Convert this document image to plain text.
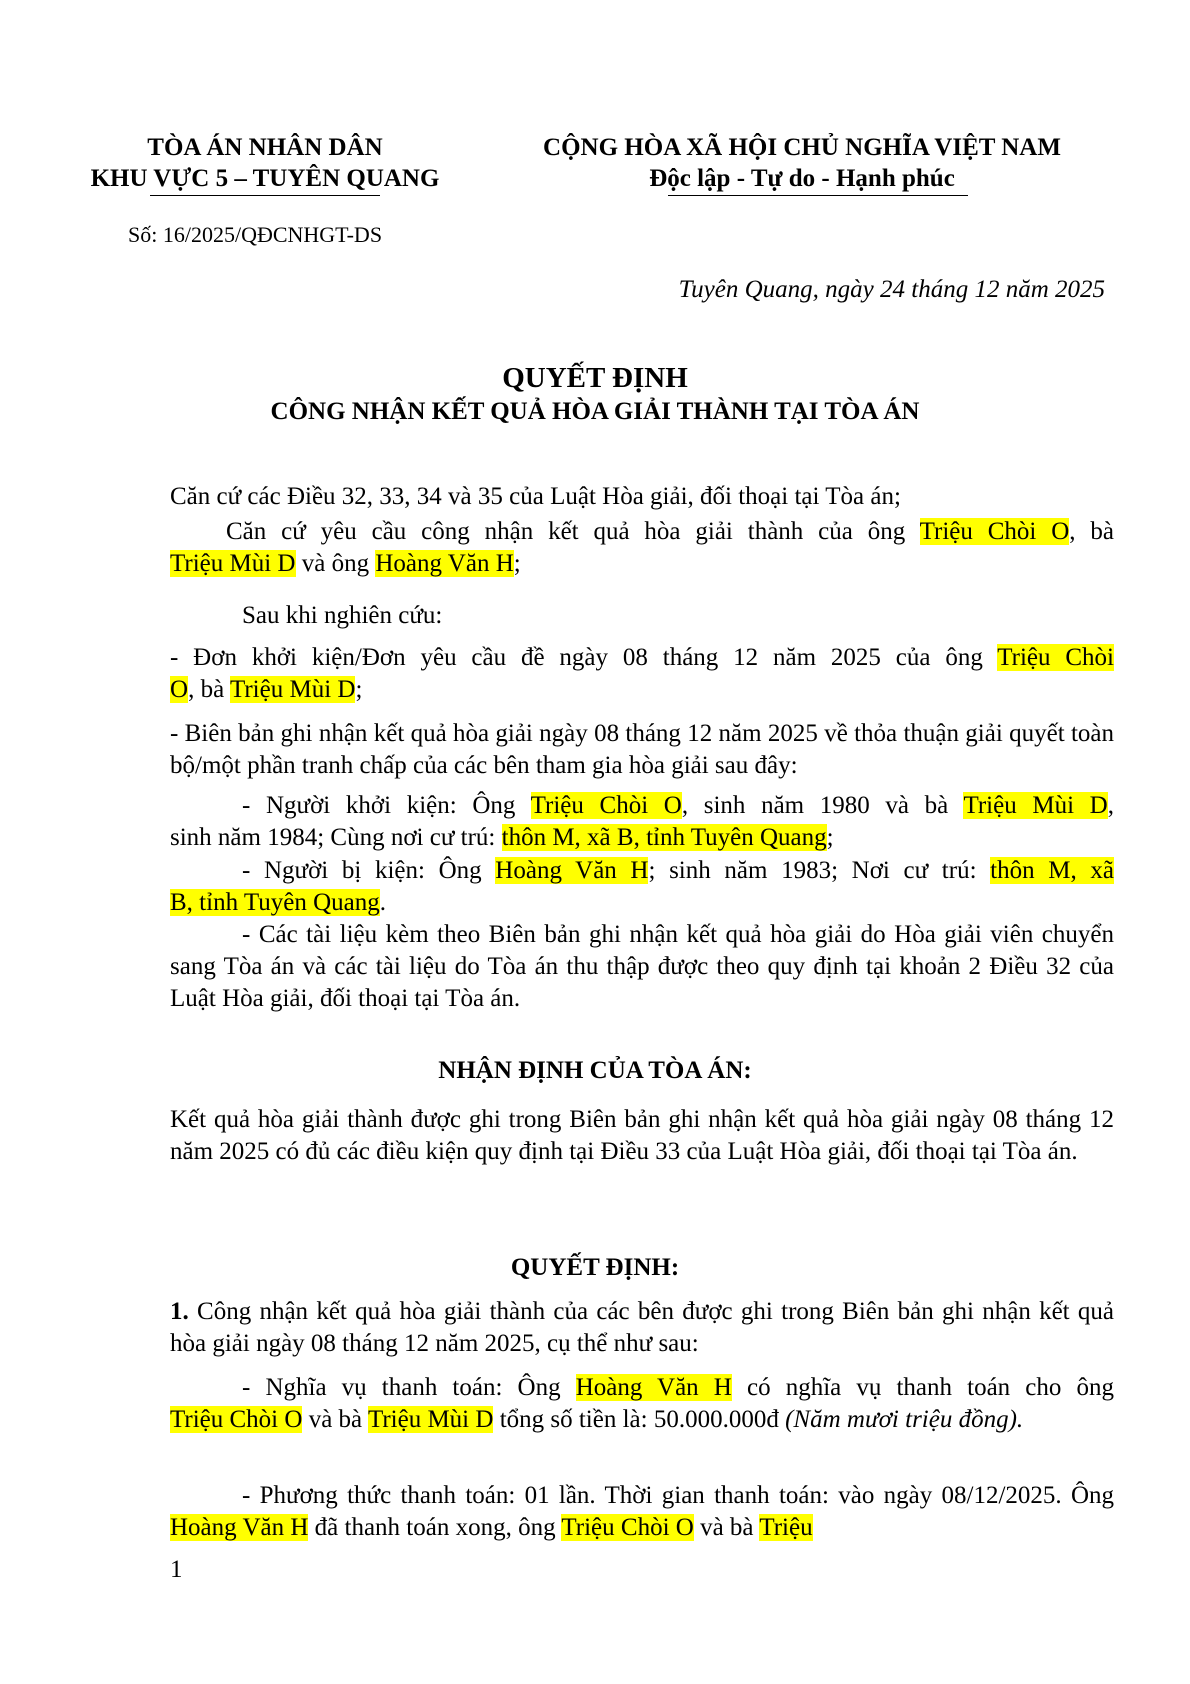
TÒA ÁN NHÂN DÂN
KHU VỰC 5 – TUYÊN QUANG
CỘNG HÒA XÃ HỘI CHỦ NGHĨA VIỆT NAM
Độc lập - Tự do - Hạnh phúc
Số: 16/2025/QĐCNHGT-DS
Tuyên Quang, ngày 24 tháng 12 năm 2025
QUYẾT ĐỊNH
CÔNG NHẬN KẾT QUẢ HÒA GIẢI THÀNH TẠI TÒA ÁN
Căn cứ các Điều 32, 33, 34 và 35 của Luật Hòa giải, đối thoại tại Tòa án;
Căn cứ yêu cầu công nhận kết quả hòa giải thành của ông Triệu Chòi O, bà
Triệu Mùi D và ông Hoàng Văn H;
Sau khi nghiên cứu:
- Đơn khởi kiện/Đơn yêu cầu đề ngày 08 tháng 12 năm 2025 của ông Triệu Chòi
O, bà Triệu Mùi D;
- Biên bản ghi nhận kết quả hòa giải ngày 08 tháng 12 năm 2025 về thỏa thuận giải quyết toàn bộ/một phần tranh chấp của các bên tham gia hòa giải sau đây:
- Người khởi kiện: Ông Triệu Chòi O, sinh năm 1980 và bà Triệu Mùi D,
sinh năm 1984; Cùng nơi cư trú: thôn M, xã B, tỉnh Tuyên Quang;
- Người bị kiện: Ông Hoàng Văn H; sinh năm 1983; Nơi cư trú: thôn M, xã
B, tỉnh Tuyên Quang.
- Các tài liệu kèm theo Biên bản ghi nhận kết quả hòa giải do Hòa giải viên chuyển sang Tòa án và các tài liệu do Tòa án thu thập được theo quy định tại khoản 2 Điều 32 của Luật Hòa giải, đối thoại tại Tòa án.
NHẬN ĐỊNH CỦA TÒA ÁN:
Kết quả hòa giải thành được ghi trong Biên bản ghi nhận kết quả hòa giải ngày 08 tháng 12 năm 2025 có đủ các điều kiện quy định tại Điều 33 của Luật Hòa giải, đối thoại tại Tòa án.
QUYẾT ĐỊNH:
1. Công nhận kết quả hòa giải thành của các bên được ghi trong Biên bản ghi nhận kết quả hòa giải ngày 08 tháng 12 năm 2025, cụ thể như sau:
- Nghĩa vụ thanh toán: Ông Hoàng Văn H có nghĩa vụ thanh toán cho ông
Triệu Chòi O và bà Triệu Mùi D tổng số tiền là: 50.000.000đ (Năm mươi triệu đồng).
- Phương thức thanh toán: 01 lần. Thời gian thanh toán: vào ngày 08/12/2025. Ông Hoàng Văn H đã thanh toán xong, ông Triệu Chòi O và bà Triệu
1
